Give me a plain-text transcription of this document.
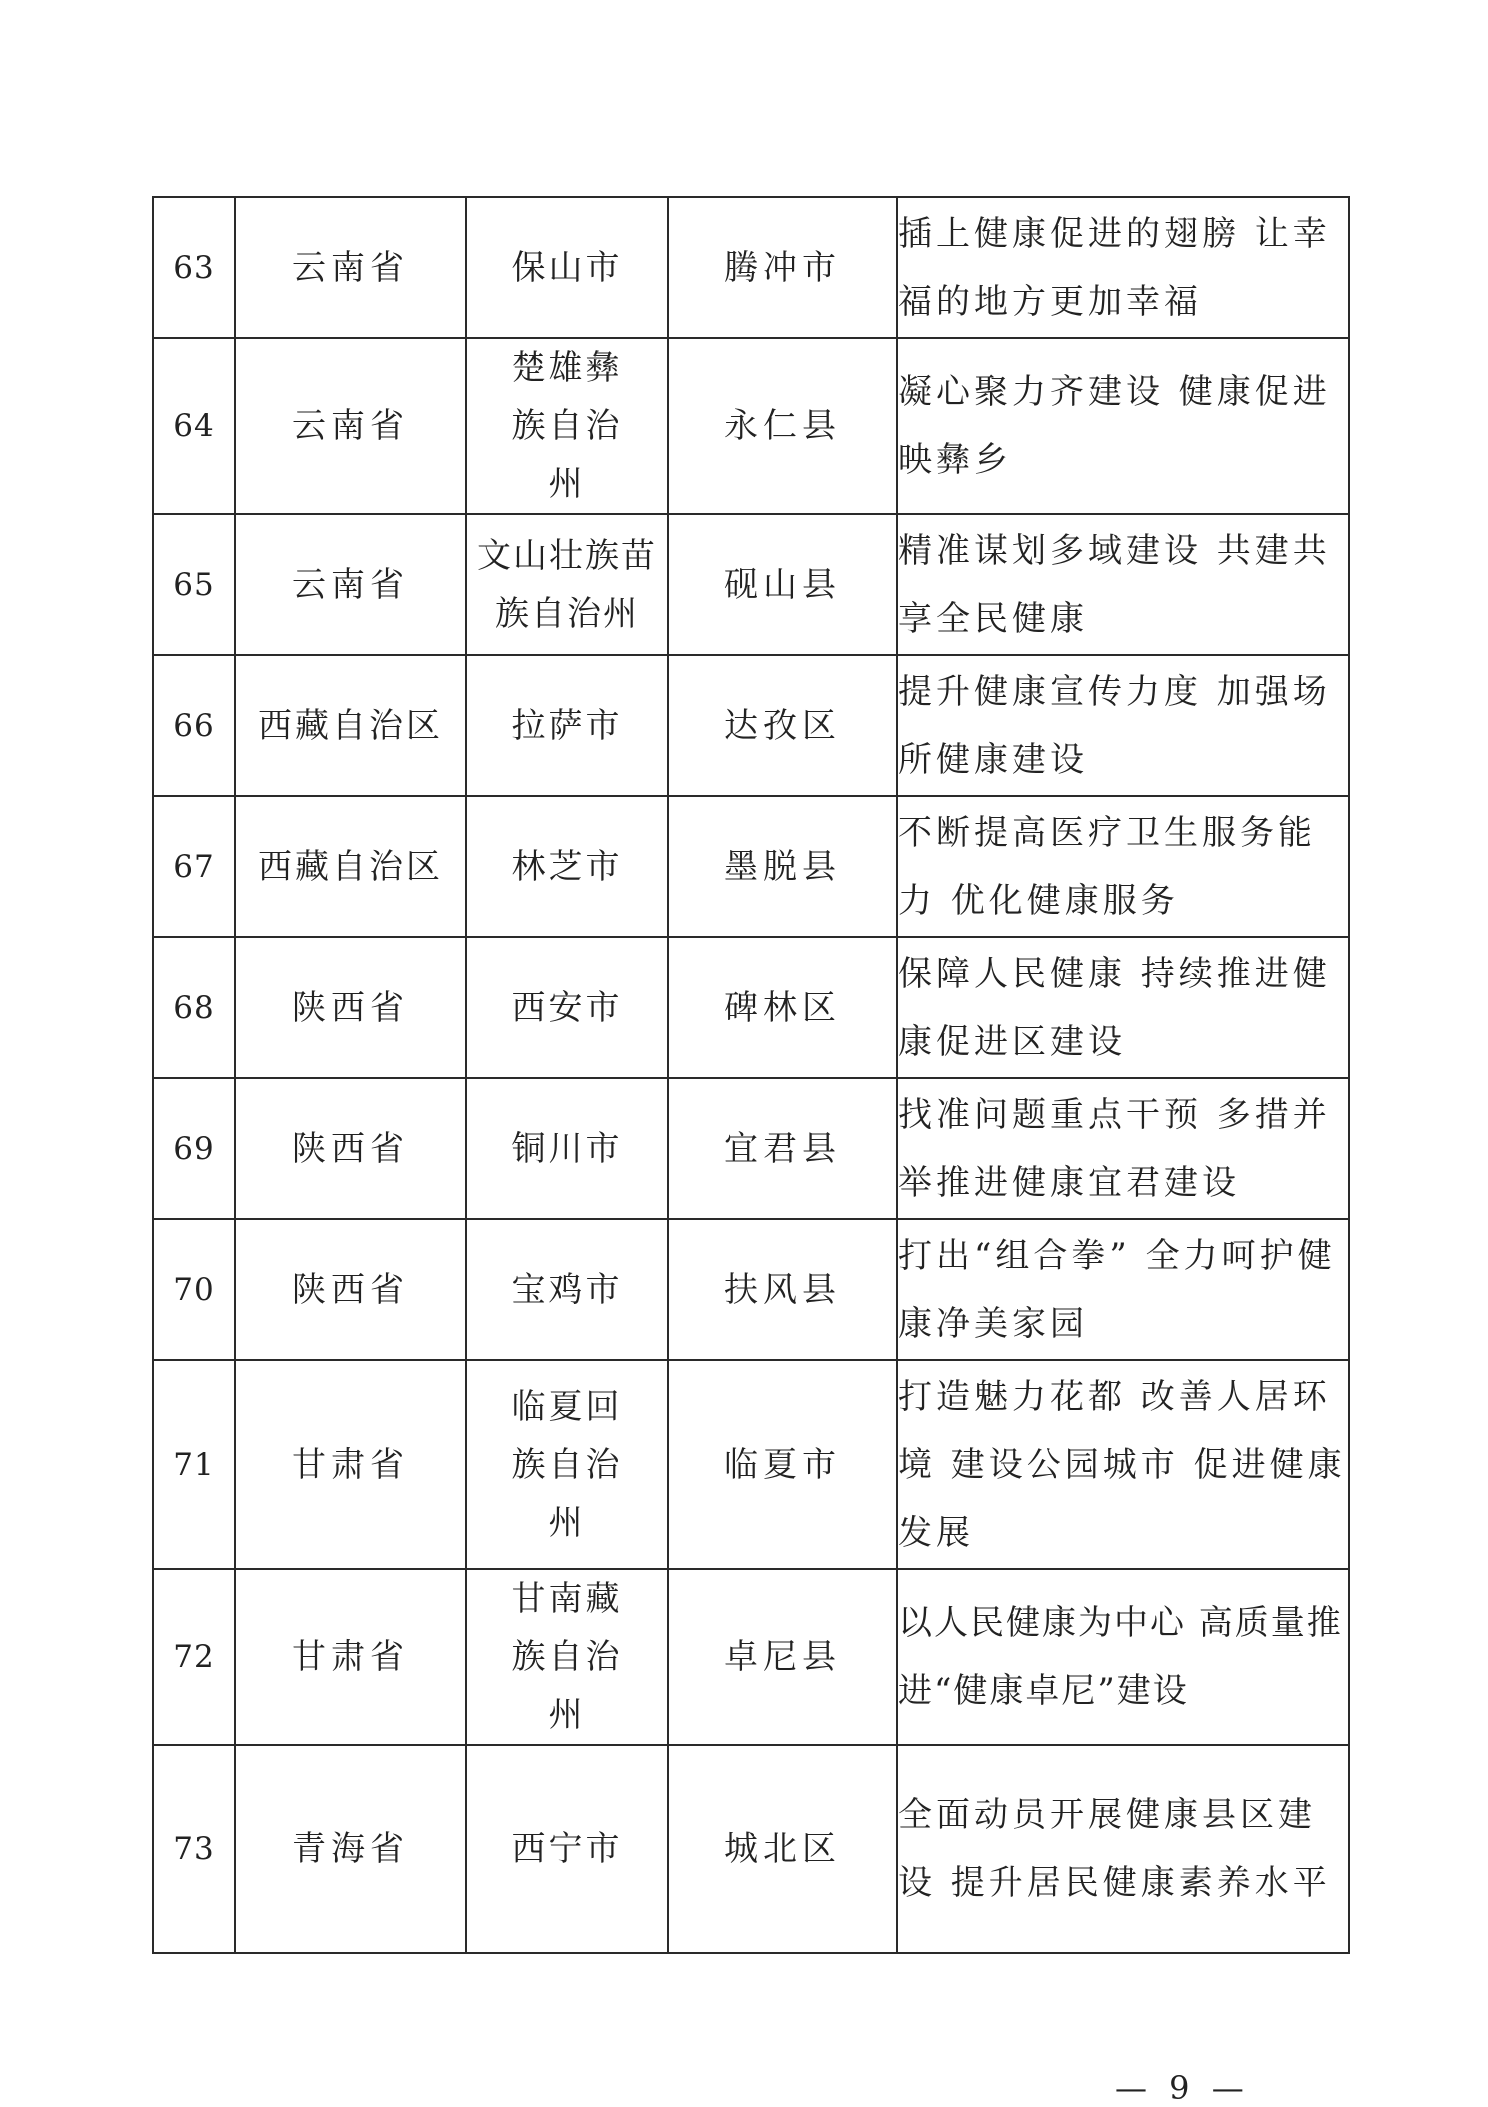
63	云南省	保山市	腾冲市	插上健康促进的翅膀 让幸福的地方更加幸福
64	云南省	楚雄彝族自治州	永仁县	凝心聚力齐建设 健康促进映彝乡
65	云南省	文山壮族苗族自治州	砚山县	精准谋划多域建设 共建共享全民健康
66	西藏自治区	拉萨市	达孜区	提升健康宣传力度 加强场所健康建设
67	西藏自治区	林芝市	墨脱县	不断提高医疗卫生服务能力 优化健康服务
68	陕西省	西安市	碑林区	保障人民健康 持续推进健康促进区建设
69	陕西省	铜川市	宜君县	找准问题重点干预 多措并举推进健康宜君建设
70	陕西省	宝鸡市	扶风县	打出“组合拳” 全力呵护健康净美家园
71	甘肃省	临夏回族自治州	临夏市	打造魅力花都 改善人居环境 建设公园城市 促进健康发展
72	甘肃省	甘南藏族自治州	卓尼县	以人民健康为中心 高质量推进“健康卓尼”建设
73	青海省	西宁市	城北区	全面动员开展健康县区建设 提升居民健康素养水平
— 9 —
